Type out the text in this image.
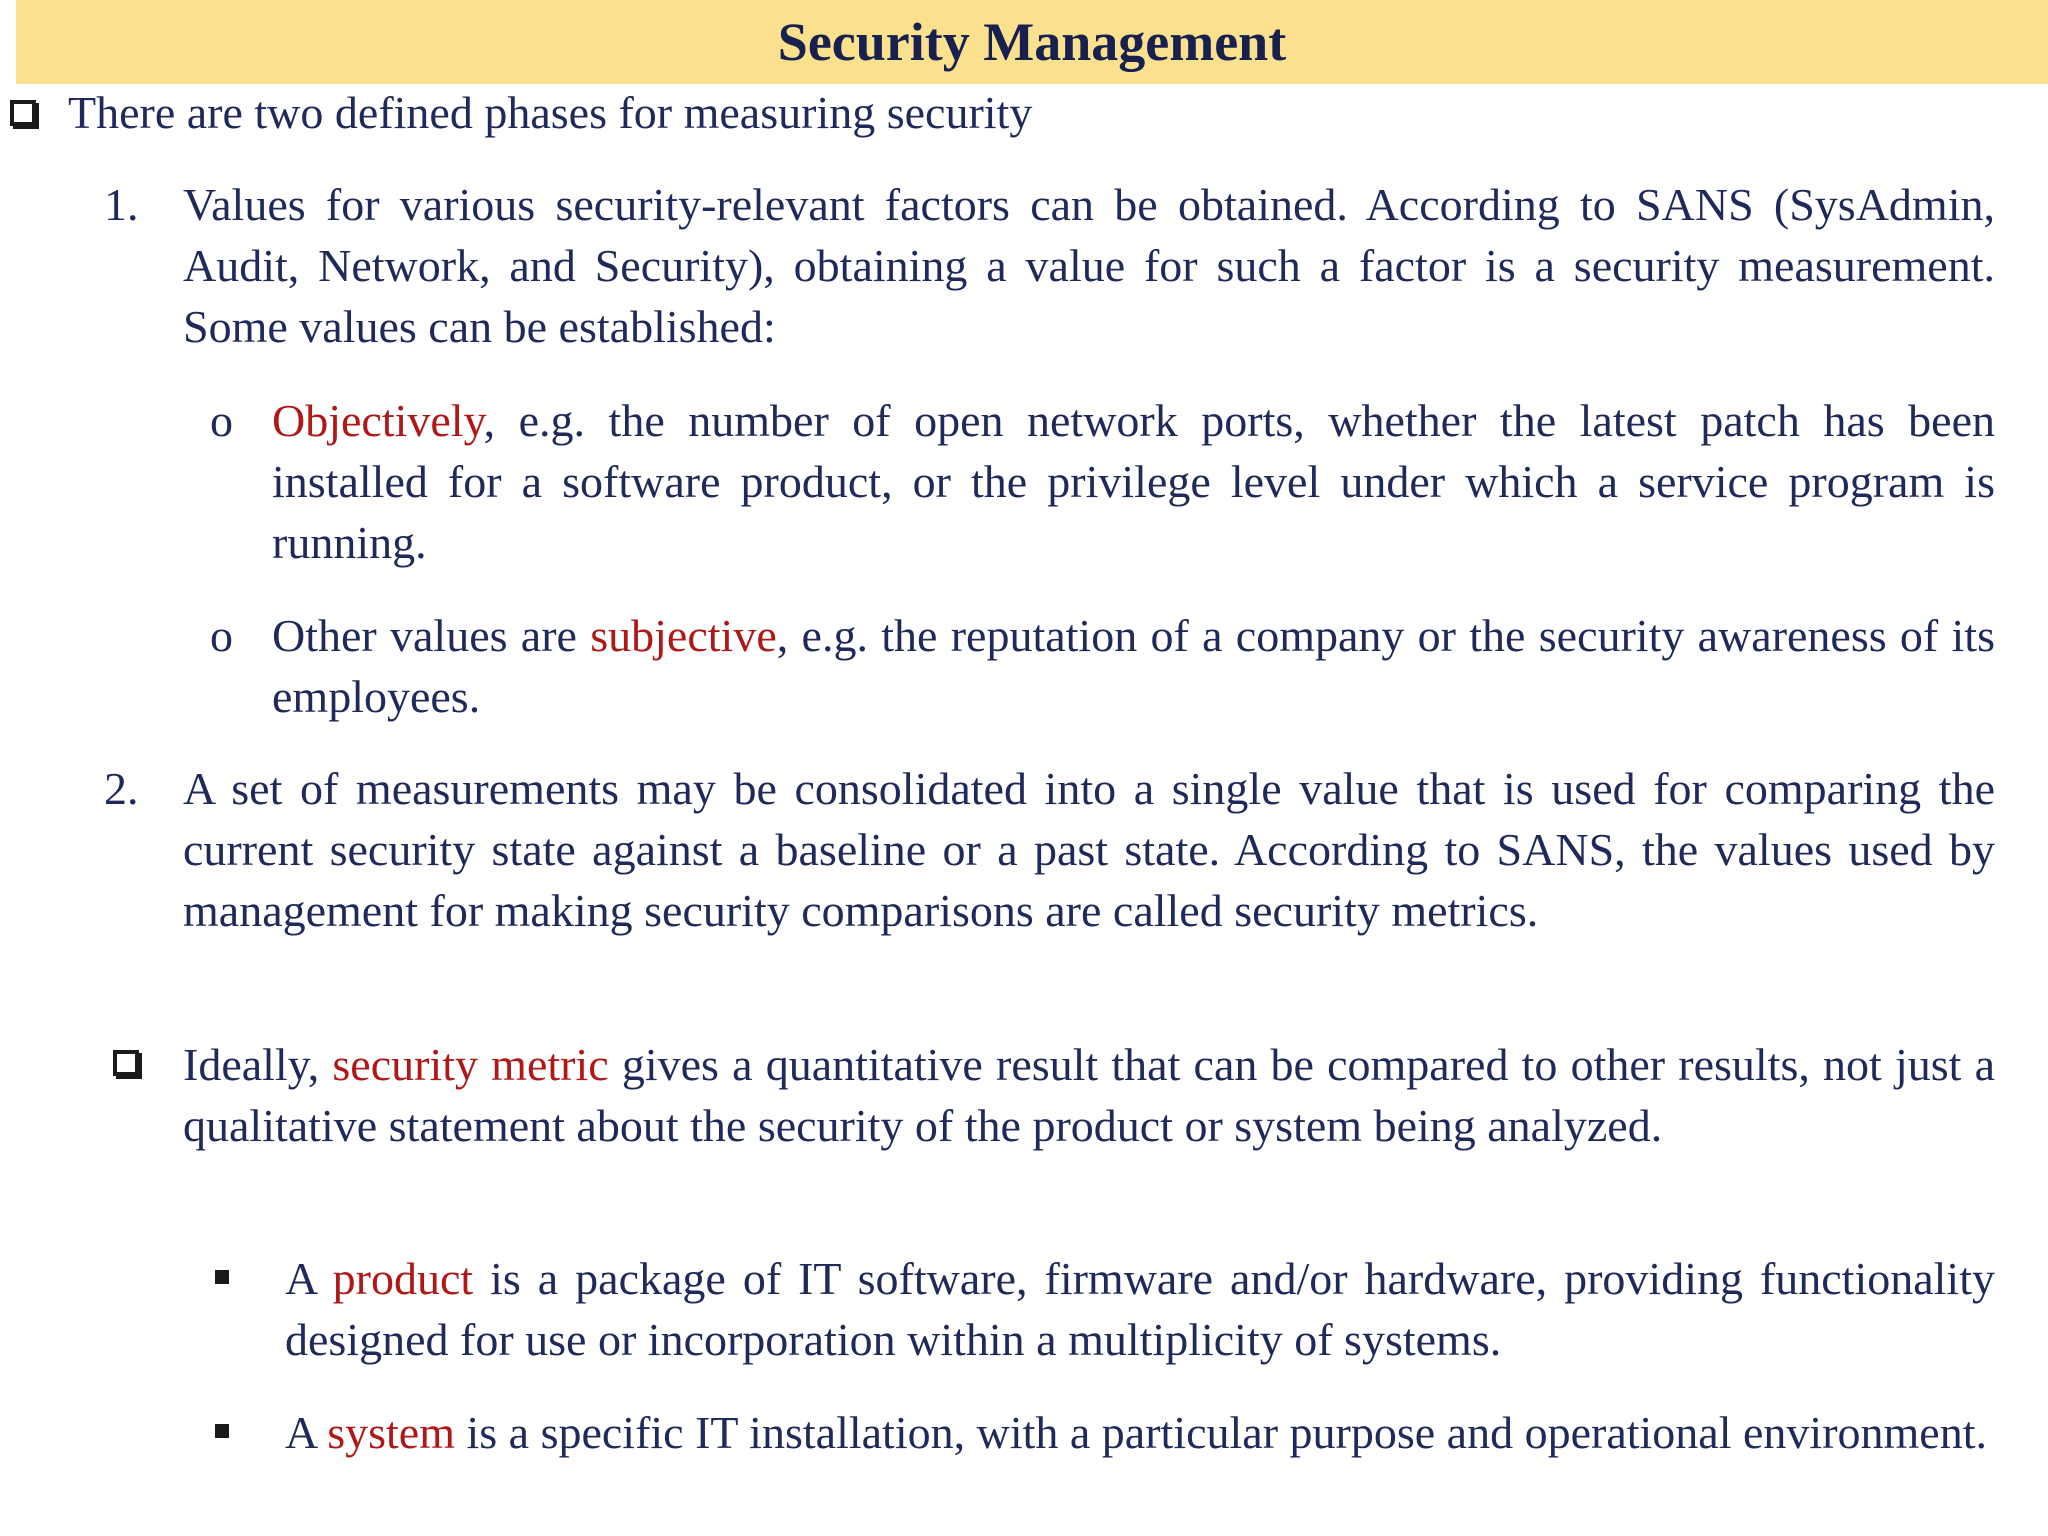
Security Management

There are two defined phases for measuring security

1. Values for various security-relevant factors can be obtained. According to SANS (SysAdmin, Audit, Network, and Security), obtaining a value for such a factor is a security measurement. Some values can be established:

o Objectively, e.g. the number of open network ports, whether the latest patch has been installed for a software product, or the privilege level under which a service program is running.

o Other values are subjective, e.g. the reputation of a company or the security awareness of its employees.

2. A set of measurements may be consolidated into a single value that is used for comparing the current security state against a baseline or a past state. According to SANS, the values used by management for making security comparisons are called security metrics.

Ideally, security metric gives a quantitative result that can be compared to other results, not just a qualitative statement about the security of the product or system being analyzed.

A product is a package of IT software, firmware and/or hardware, providing functionality designed for use or incorporation within a multiplicity of systems.

A system is a specific IT installation, with a particular purpose and operational environment.
